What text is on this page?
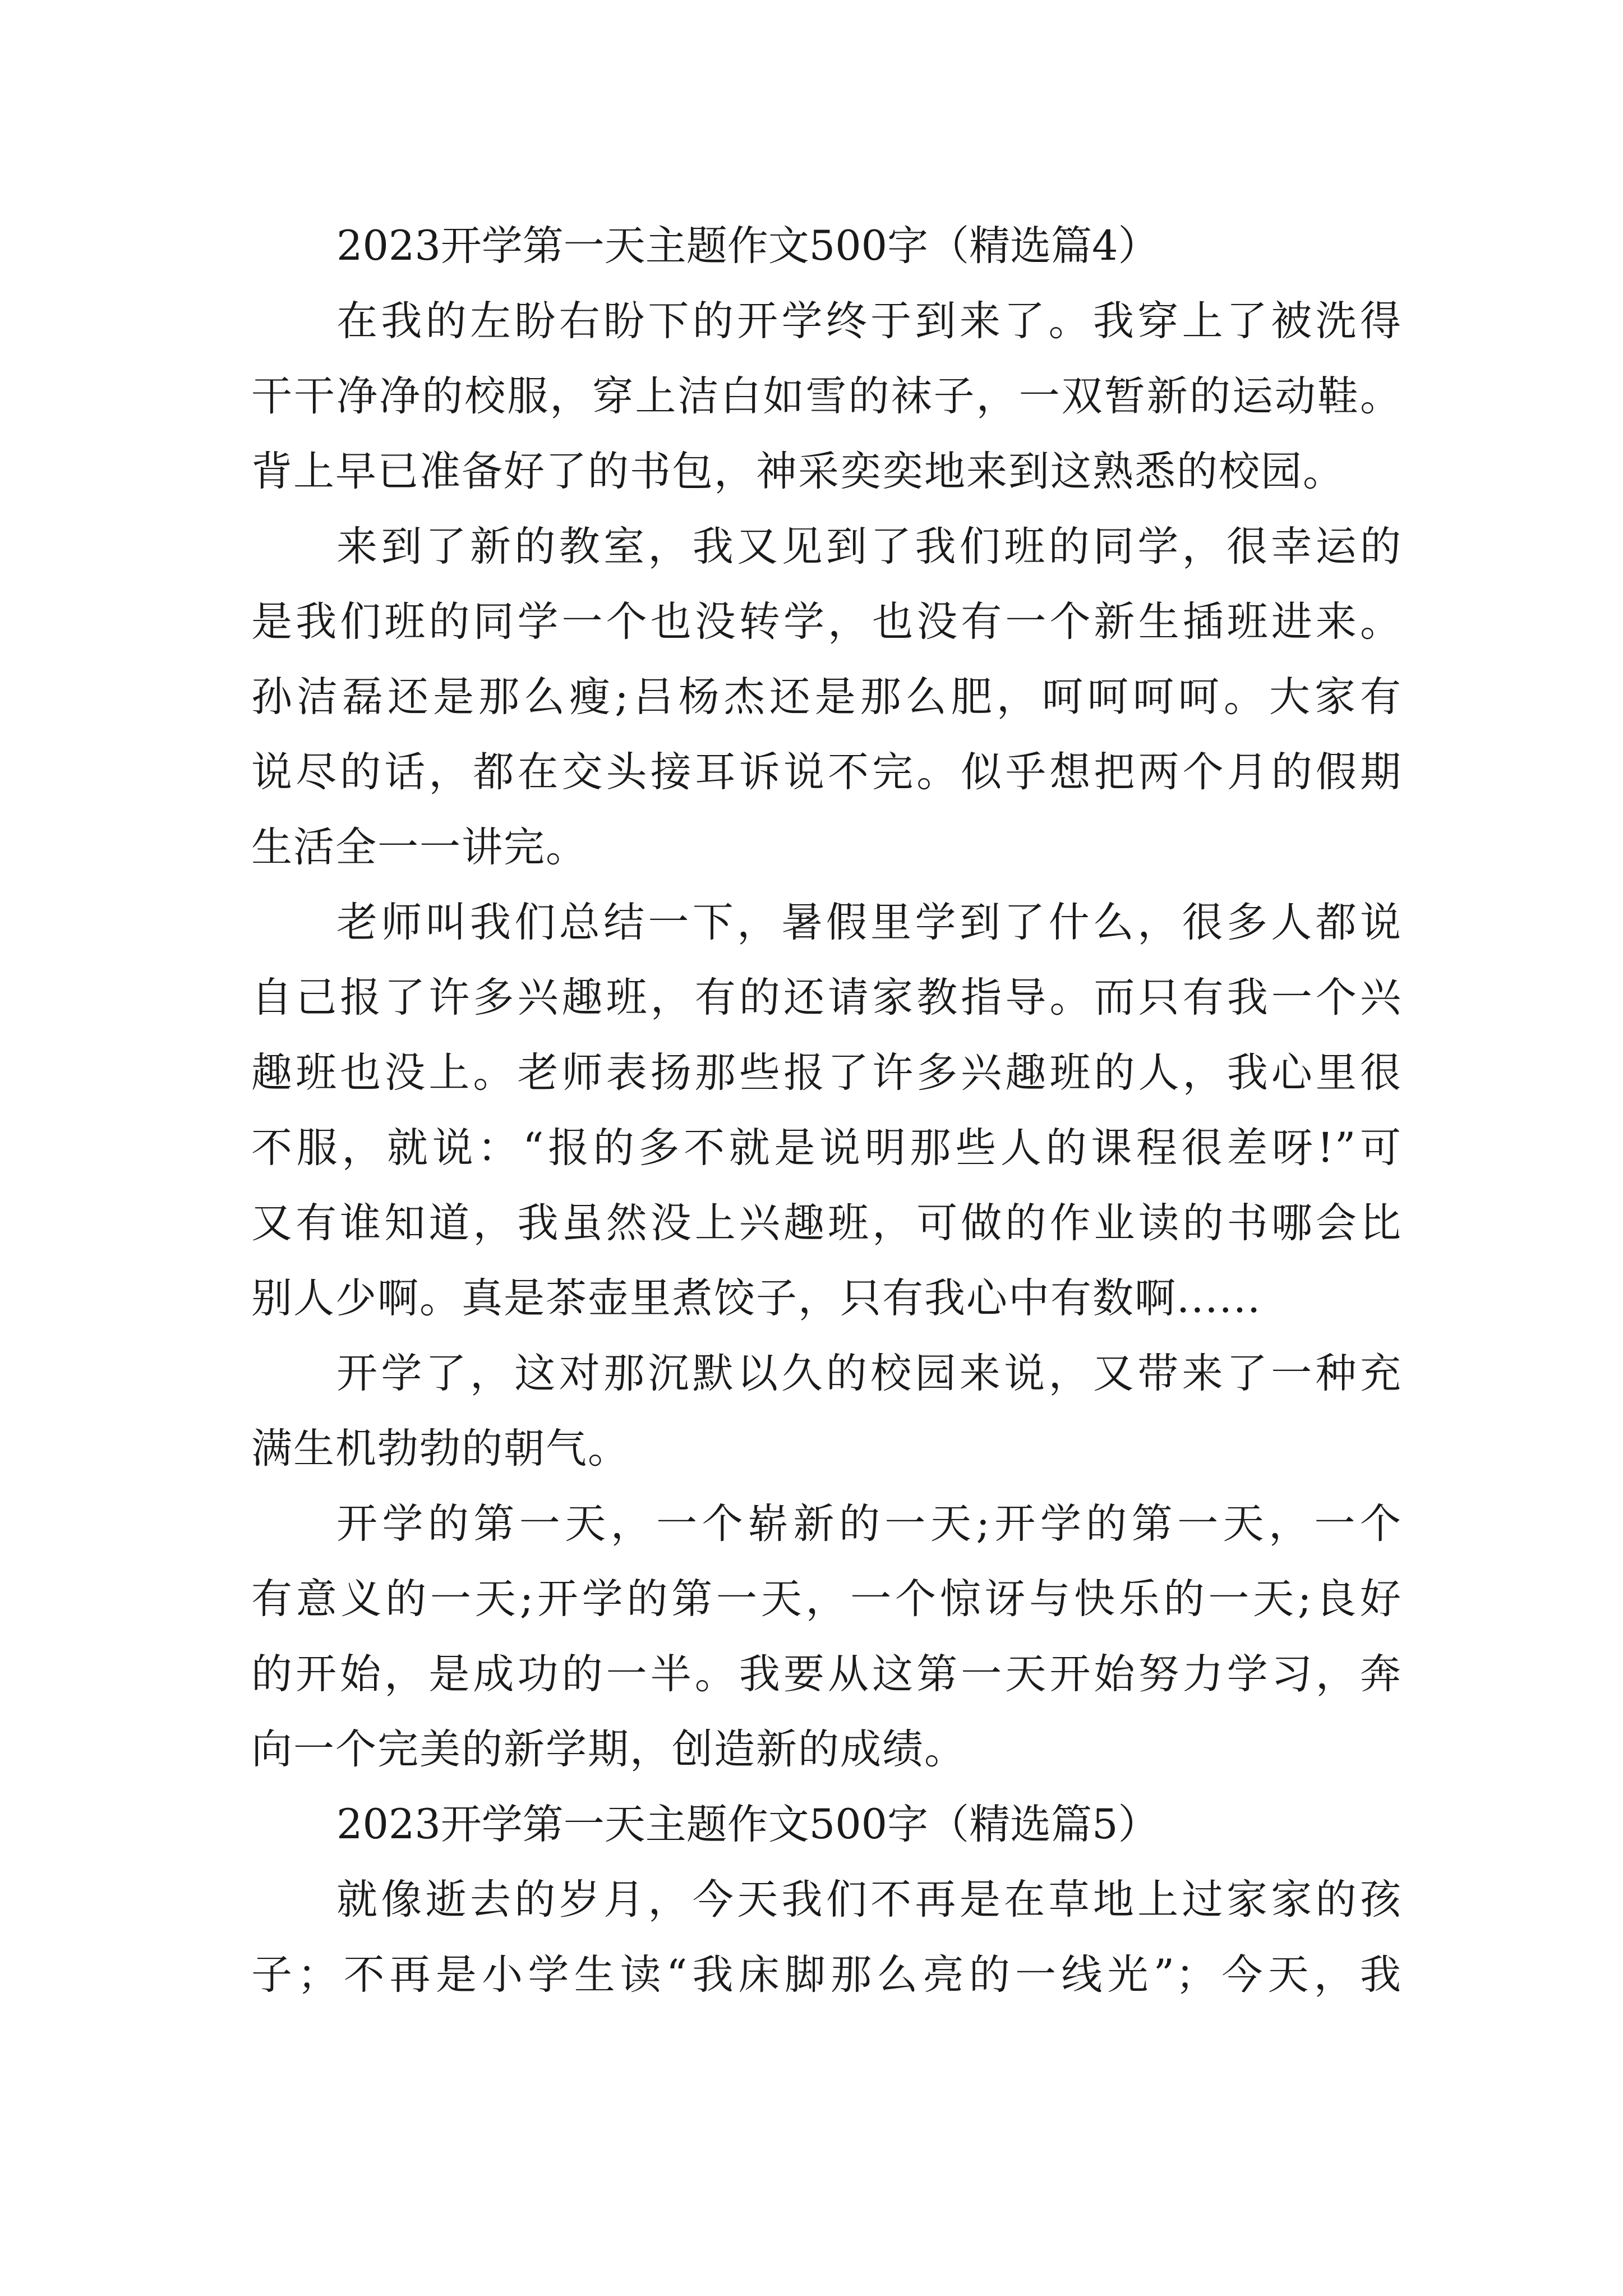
2023开学第一天主题作文500字（精选篇4）
在我的左盼右盼下的开学终于到来了。我穿上了被洗得
干干净净的校服，穿上洁白如雪的袜子，一双暂新的运动鞋。
背上早已准备好了的书包，神采奕奕地来到这熟悉的校园。
来到了新的教室，我又见到了我们班的同学，很幸运的
是我们班的同学一个也没转学，也没有一个新生插班进来。
孙洁磊还是那么瘦;吕杨杰还是那么肥，呵呵呵呵。大家有
说尽的话，都在交头接耳诉说不完。似乎想把两个月的假期
生活全一一讲完。
老师叫我们总结一下，暑假里学到了什么，很多人都说
自己报了许多兴趣班，有的还请家教指导。而只有我一个兴
趣班也没上。老师表扬那些报了许多兴趣班的人，我心里很
不服，就说：“报的多不就是说明那些人的课程很差呀!”可
又有谁知道，我虽然没上兴趣班，可做的作业读的书哪会比
别人少啊。真是茶壶里煮饺子，只有我心中有数啊......
开学了，这对那沉默以久的校园来说，又带来了一种充
满生机勃勃的朝气。
开学的第一天，一个崭新的一天;开学的第一天，一个
有意义的一天;开学的第一天，一个惊讶与快乐的一天;良好
的开始，是成功的一半。我要从这第一天开始努力学习，奔
向一个完美的新学期，创造新的成绩。
2023开学第一天主题作文500字（精选篇5）
就像逝去的岁月，今天我们不再是在草地上过家家的孩
子；不再是小学生读“我床脚那么亮的一线光”；今天，我
